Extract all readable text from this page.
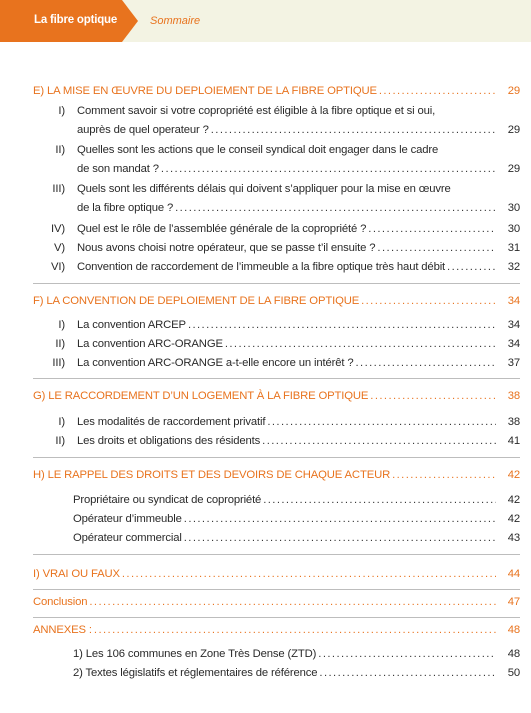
La fibre optique	Sommaire
E) LA MISE EN ŒUVRE DU DEPLOIEMENT DE LA FIBRE OPTIQUE .....	29
I) Comment savoir si votre copropriété est éligible à la fibre optique et si oui,
auprès de quel operateur ? .....	29
II) Quelles sont les actions que le conseil syndical doit engager dans le cadre
de son mandat ? .....	29
III) Quels sont les différents délais qui doivent s’appliquer pour la mise en œuvre
de la fibre optique ? .....	30
IV) Quel est le rôle de l’assemblée générale de la copropriété ? .....	30
V) Nous avons choisi notre opérateur, que se passe t’il ensuite ? .....	31
VI) Convention de raccordement de l’immeuble a la fibre optique très haut débit .....	32
F) LA CONVENTION DE DEPLOIEMENT DE LA FIBRE OPTIQUE .....	34
I) La convention ARCEP .....	34
II) La convention ARC-ORANGE .....	34
III) La convention ARC-ORANGE a-t-elle encore un intérêt ? .....	37
G) LE RACCORDEMENT D’UN LOGEMENT À LA FIBRE OPTIQUE .....	38
I) Les modalités de raccordement privatif .....	38
II) Les droits et obligations des résidents .....	41
H) LE RAPPEL DES DROITS ET DES DEVOIRS DE CHAQUE ACTEUR .....	42
Propriétaire ou syndicat de copropriété .....	42
Opérateur d’immeuble .....	42
Opérateur commercial .....	43
I) VRAI OU FAUX .....	44
Conclusion .....	47
ANNEXES : .....	48
1) Les 106 communes en Zone Très Dense (ZTD) .....	48
2) Textes législatifs et réglementaires de référence .....	50
